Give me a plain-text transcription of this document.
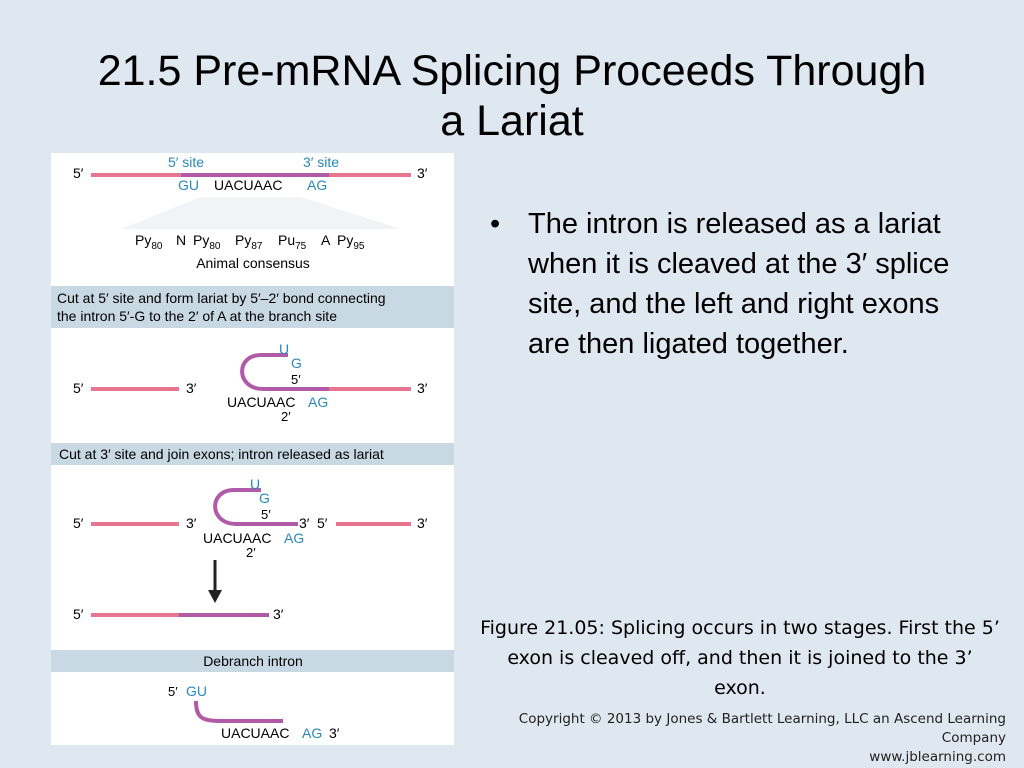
21.5 Pre-mRNA Splicing Proceeds Through
a Lariat
5′	3′
5′ site	3′ site
GU UACUAAC AG
$Py_{80}$ N $Py_{80}$ $Py_{87}$ $Pu_{75}$ A $Py_{95}$
Animal consensus
Cut at 5′ site and form lariat by 5′–2′ bond connecting
the intron 5′-G to the 2′ of A at the branch site
5′	3′	3′
U
G
5′
UACUAAC AG
2′
Cut at 3′ site and join exons; intron released as lariat
5′	3′	3′ 5′	3′
U
G
5′
UACUAAC AG
2′
5′	3′
Debranch intron
5′ GU
UACUAAC AG 3′
• The intron is released as a lariat when it is cleaved at the 3′ splice site, and the left and right exons are then ligated together.
Figure 21.05: Splicing occurs in two stages. First the 5’ exon is cleaved off, and then it is joined to the 3’ exon.
Copyright © 2013 by Jones & Bartlett Learning, LLC an Ascend Learning Company
www.jblearning.com
